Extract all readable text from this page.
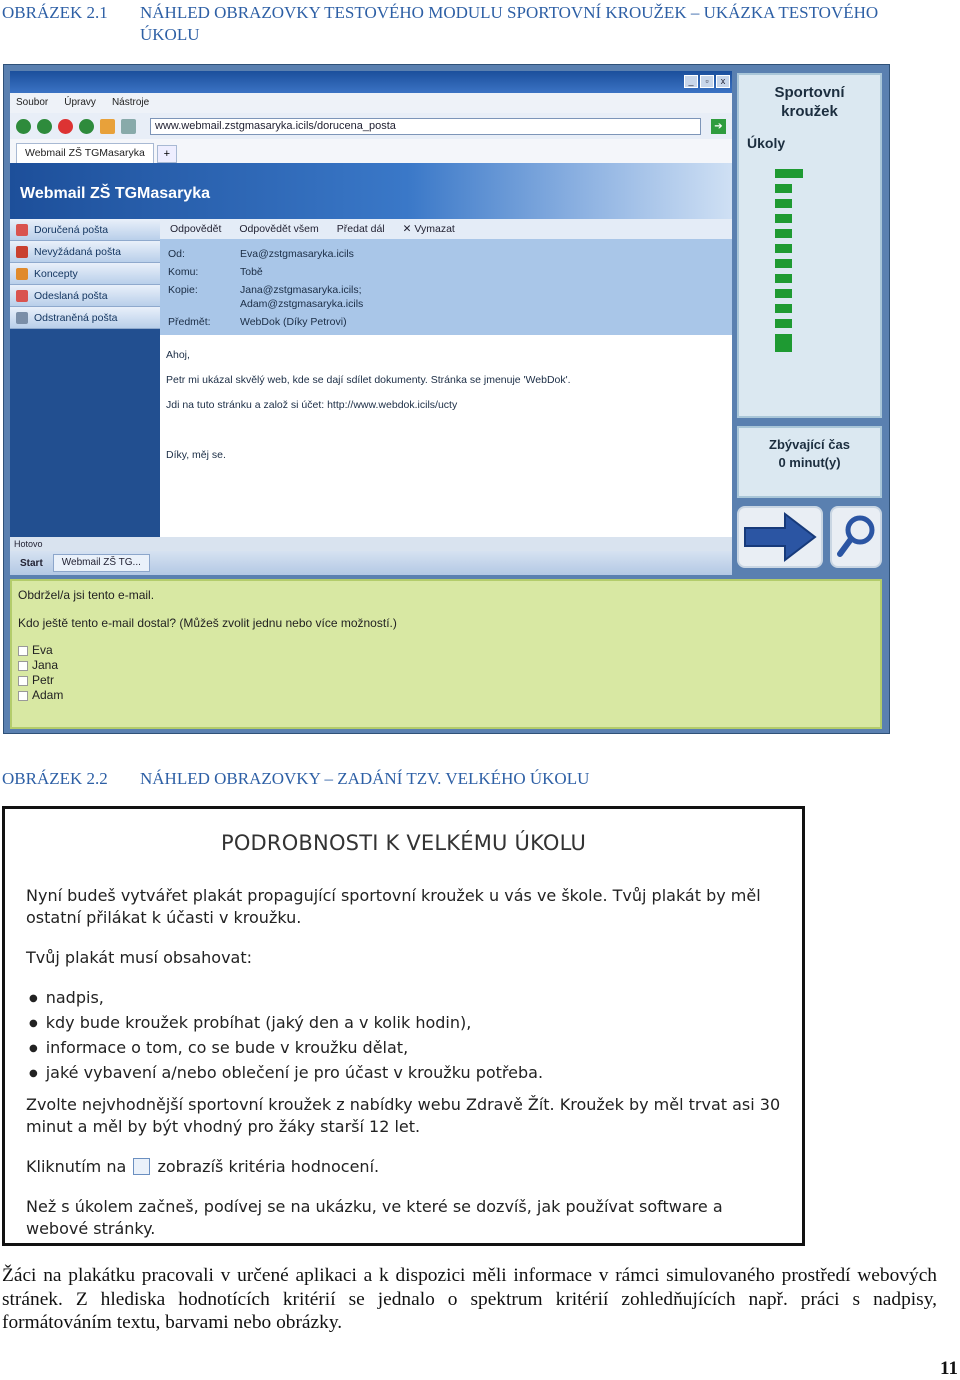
OBRÁZEK 2.1	NÁHLED OBRAZOVKY TESTOVÉHO MODULU SPORTOVNÍ KROUŽEK – UKÁZKA TESTOVÉHO ÚKOLU
_	▫	x
Soubor Úpravy Nástroje
www.webmail.zstgmasaryka.icils/dorucena_posta	➔
Webmail ZŠ TGMasaryka	+
Webmail ZŠ TGMasaryka
Doručená pošta
Nevyžádaná pošta
Koncepty
Odeslaná pošta
Odstraněná pošta
Odpovědět Odpovědět všem Předat dál ✕ Vymazat
Od:	Eva@zstgmasaryka.icils
Komu:	Tobě
Kopie:	Jana@zstgmasaryka.icils;
Adam@zstgmasaryka.icils
Předmět:	WebDok (Díky Petrovi)
Ahoj,
Petr mi ukázal skvělý web, kde se dají sdílet dokumenty. Stránka se jmenuje 'WebDok'.
Jdi na tuto stránku a založ si účet: http://www.webdok.icils/ucty
Díky, měj se.
Hotovo
Start	Webmail ZŠ TG...
Sportovní
kroužek
Úkoly
Zbývající čas
0 minut(y)
Obdržel/a jsi tento e-mail.
Kdo ještě tento e-mail dostal? (Můžeš zvolit jednu nebo více možností.)
Eva
Jana
Petr
Adam
OBRÁZEK 2.2	NÁHLED OBRAZOVKY – ZADÁNÍ TZV. VELKÉHO ÚKOLU
PODROBNOSTI K VELKÉMU ÚKOLU
Nyní budeš vytvářet plakát propagující sportovní kroužek u vás ve škole. Tvůj plakát by měl ostatní přilákat k účasti v kroužku.
Tvůj plakát musí obsahovat:
● nadpis,
● kdy bude kroužek probíhat (jaký den a v kolik hodin),
● informace o tom, co se bude v kroužku dělat,
● jaké vybavení a/nebo oblečení je pro účast v kroužku potřeba.
Zvolte nejvhodnější sportovní kroužek z nabídky webu Zdravě Žít. Kroužek by měl trvat asi 30 minut a měl by být vhodný pro žáky starší 12 let.
Kliknutím na zobrazíš kritéria hodnocení.
Než s úkolem začneš, podívej se na ukázku, ve které se dozvíš, jak používat software a webové stránky.
Žáci na plakátku pracovali v určené aplikaci a k dispozici měli informace v rámci simulovaného prostředí webových stránek. Z hlediska hodnotících kritérií se jednalo o spektrum kritérií zohledňujících např. práci s nadpisy, formátováním textu, barvami nebo obrázky.
11
